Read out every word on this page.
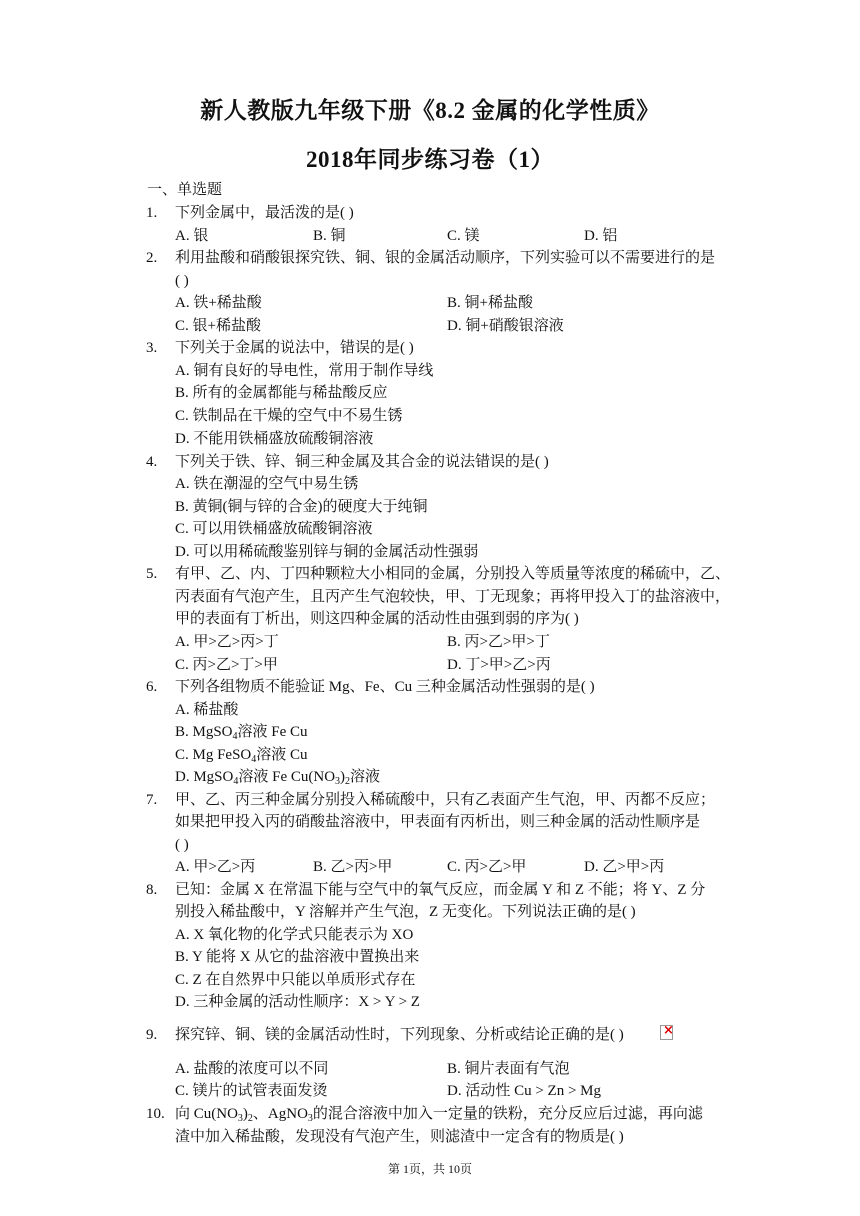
新人教版九年级下册《8.2 金属的化学性质》
2018年同步练习卷（1）
一、单选题
1. 下列金属中，最活泼的是( )
A. 银	B. 铜	C. 镁	D. 铝
2. 利用盐酸和硝酸银探究铁、铜、银的金属活动顺序，下列实验可以不需要进行的是
( )
A. 铁+稀盐酸	B. 铜+稀盐酸
C. 银+稀盐酸	D. 铜+硝酸银溶液
3. 下列关于金属的说法中，错误的是( )
A. 铜有良好的导电性，常用于制作导线
B. 所有的金属都能与稀盐酸反应
C. 铁制品在干燥的空气中不易生锈
D. 不能用铁桶盛放硫酸铜溶液
4. 下列关于铁、锌、铜三种金属及其合金的说法错误的是( )
A. 铁在潮湿的空气中易生锈
B. 黄铜(铜与锌的合金)的硬度大于纯铜
C. 可以用铁桶盛放硫酸铜溶液
D. 可以用稀硫酸鉴别锌与铜的金属活动性强弱
5. 有甲、乙、内、丁四种颗粒大小相同的金属，分别投入等质量等浓度的稀硫中，乙、
丙表面有气泡产生，且丙产生气泡较快，甲、丁无现象；再将甲投入丁的盐溶液中，
甲的表面有丁析出，则这四种金属的活动性由强到弱的序为( )
A. 甲>乙>丙>丁	B. 丙>乙>甲>丁
C. 丙>乙>丁>甲	D. 丁>甲>乙>丙
6. 下列各组物质不能验证 Mg、Fe、Cu 三种金属活动性强弱的是( )
A. 稀盐酸
B. MgSO$_4$溶液 Fe Cu
C. Mg FeSO$_4$溶液 Cu
D. MgSO$_4$溶液 Fe $Cu(NO_3)_2$溶液
7. 甲、乙、丙三种金属分别投入稀硫酸中，只有乙表面产生气泡，甲、丙都不反应；
如果把甲投入丙的硝酸盐溶液中，甲表面有丙析出，则三种金属的活动性顺序是
( )
A. 甲>乙>丙	B. 乙>丙>甲	C. 丙>乙>甲	D. 乙>甲>丙
8. 已知：金属 X 在常温下能与空气中的氧气反应，而金属 Y 和 Z 不能；将 Y、Z 分
别投入稀盐酸中，Y 溶解并产生气泡，Z 无变化。下列说法正确的是( )
A. X 氧化物的化学式只能表示为 XO
B. Y 能将 X 从它的盐溶液中置换出来
C. Z 在自然界中只能以单质形式存在
D. 三种金属的活动性顺序：X > Y > Z
9. 探究锌、铜、镁的金属活动性时，下列现象、分析或结论正确的是( )
×
A. 盐酸的浓度可以不同	B. 铜片表面有气泡
C. 镁片的试管表面发烫	D. 活动性 Cu > Zn > Mg
10. 向 $Cu(NO_3)_2$、AgNO$_3$的混合溶液中加入一定量的铁粉，充分反应后过滤，再向滤
渣中加入稀盐酸，发现没有气泡产生，则滤渣中一定含有的物质是( )
第 1页，共 10页
